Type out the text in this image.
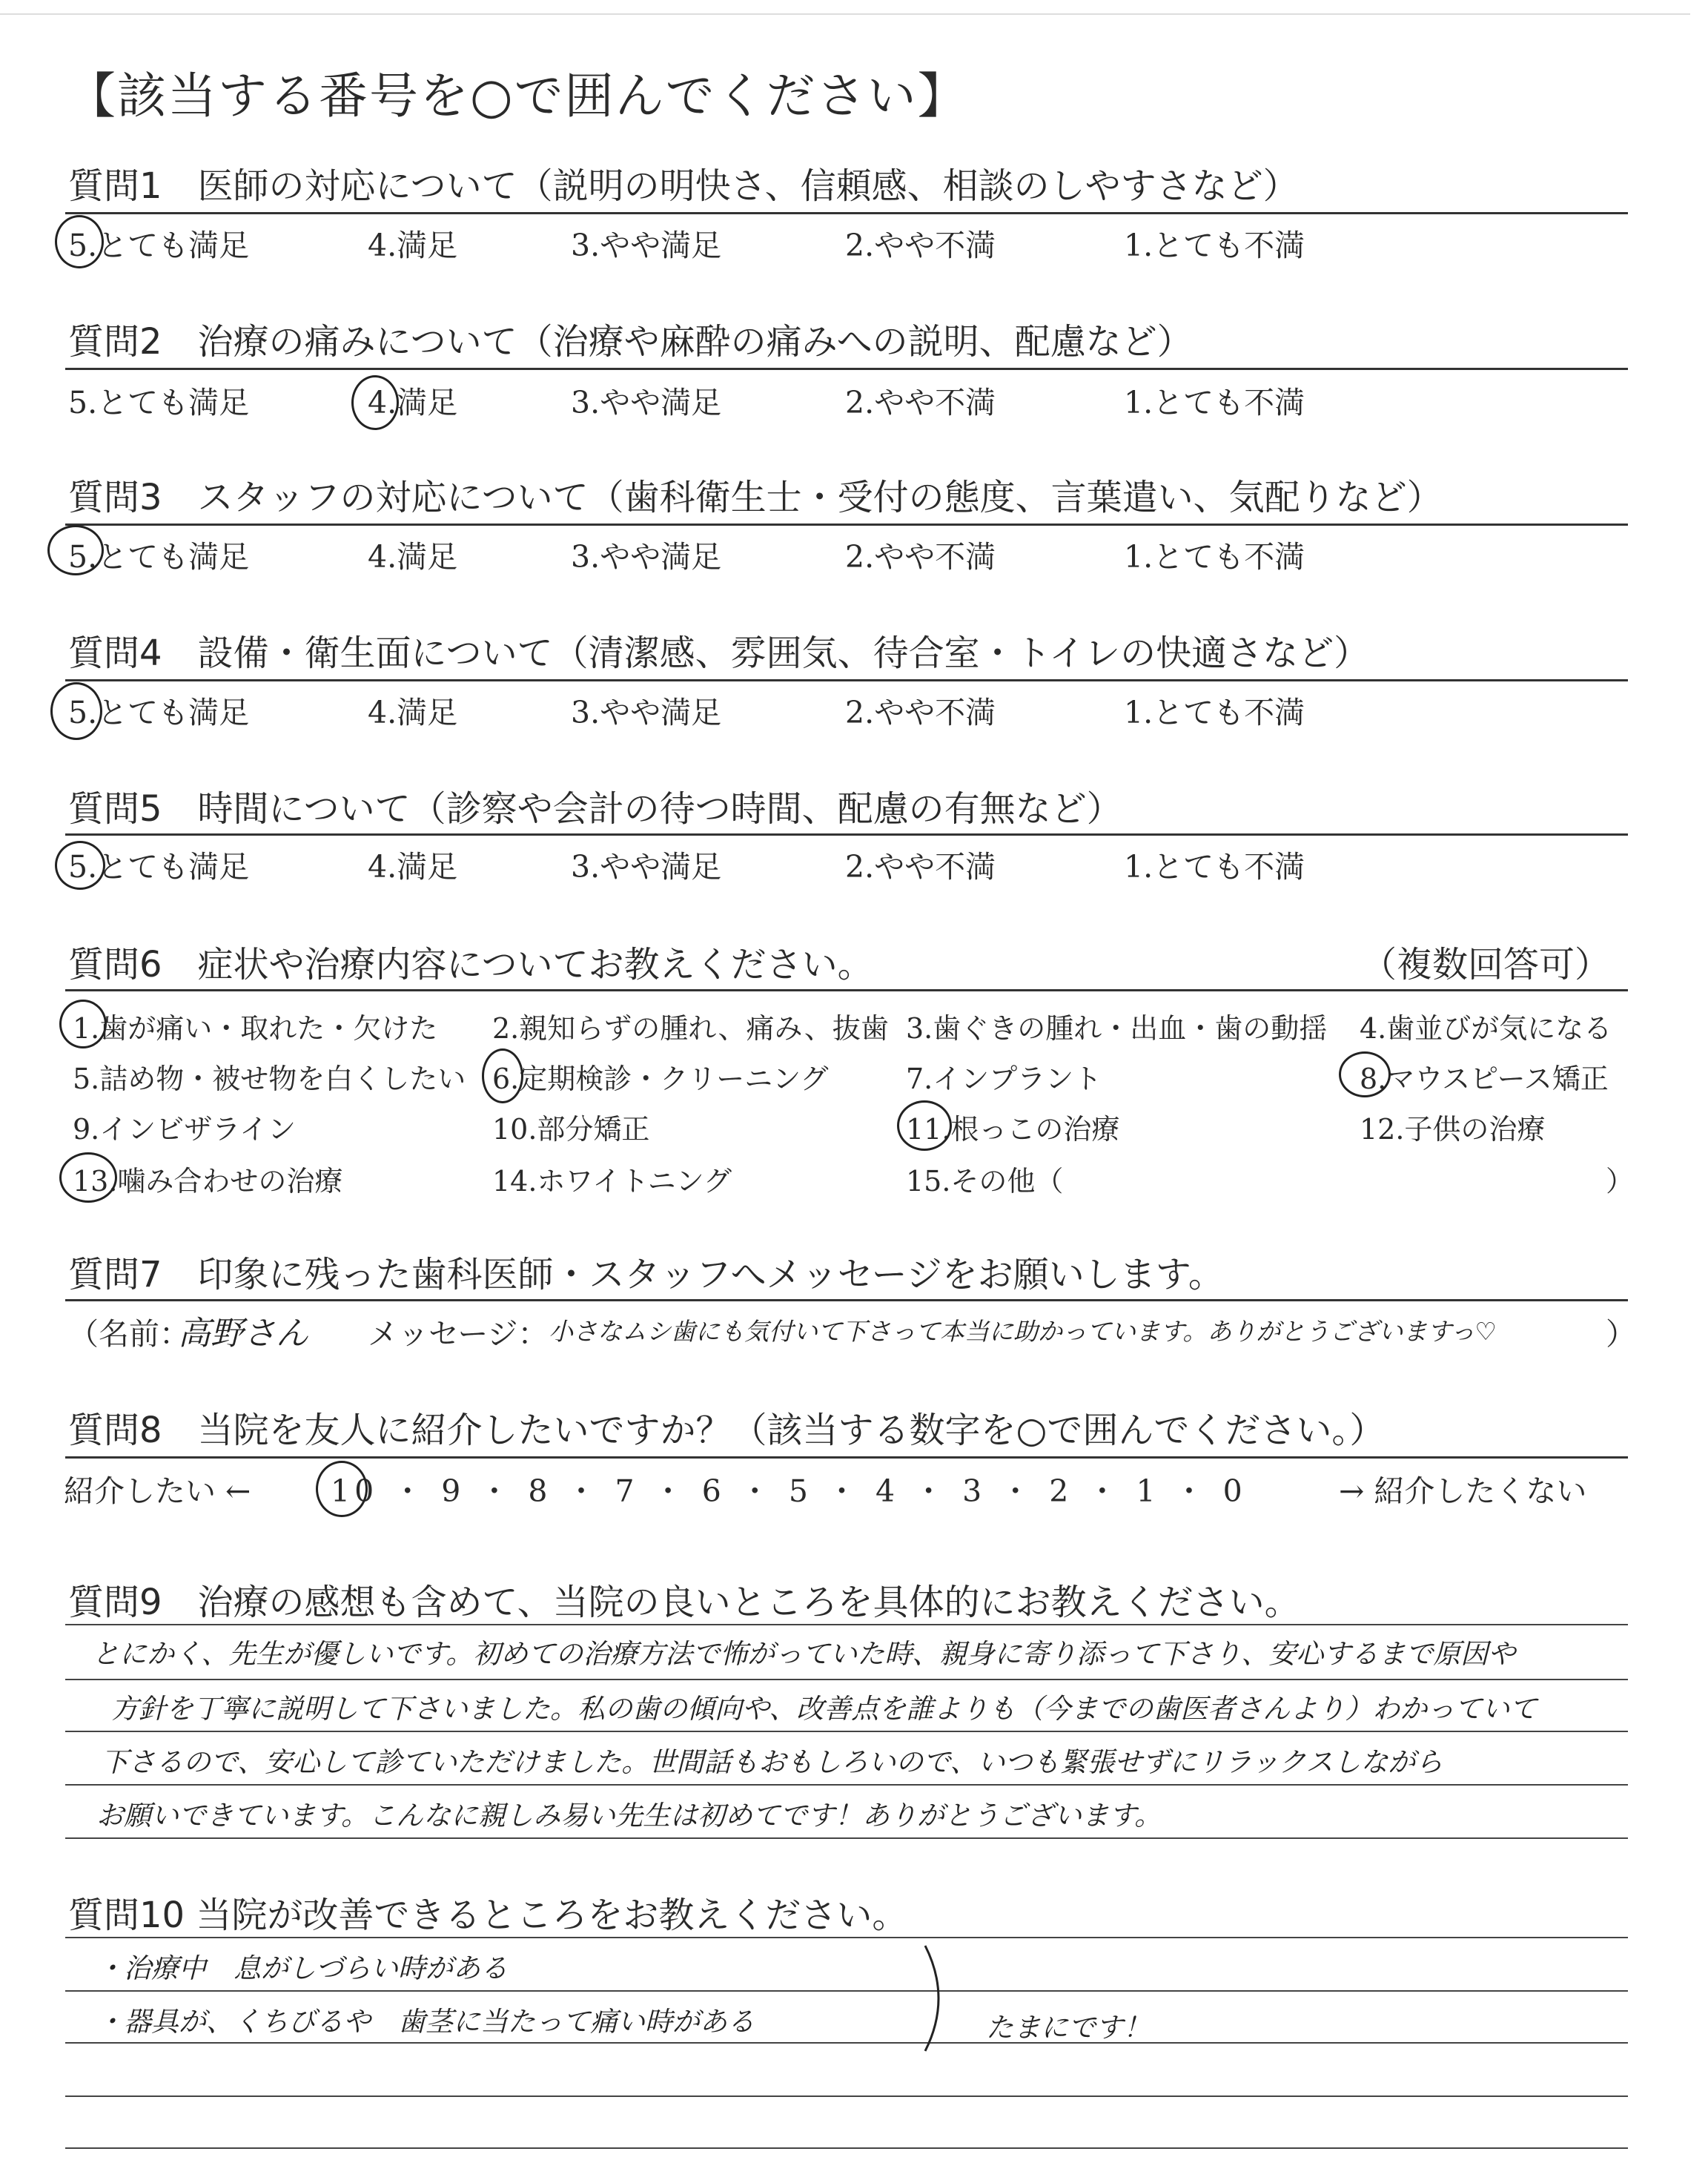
【該当する番号を○で囲んでください】
質問1　医師の対応について（説明の明快さ、信頼感、相談のしやすさなど）
5.とても満足	4.満足	3.やや満足	2.やや不満	1.とても不満
質問2　治療の痛みについて（治療や麻酔の痛みへの説明、配慮など）
5.とても満足	4.満足	3.やや満足	2.やや不満	1.とても不満
質問3　スタッフの対応について（歯科衛生士・受付の態度、言葉遣い、気配りなど）
5.とても満足	4.満足	3.やや満足	2.やや不満	1.とても不満
質問4　設備・衛生面について（清潔感、雰囲気、待合室・トイレの快適さなど）
5.とても満足	4.満足	3.やや満足	2.やや不満	1.とても不満
質問5　時間について（診察や会計の待つ時間、配慮の有無など）
5.とても満足	4.満足	3.やや満足	2.やや不満	1.とても不満
質問6　症状や治療内容についてお教えください。	（複数回答可）
1.歯が痛い・取れた・欠けた 2.親知らずの腫れ、痛み、抜歯 3.歯ぐきの腫れ・出血・歯の動揺 4.歯並びが気になる
5.詰め物・被せ物を白くしたい 6.定期検診・クリーニング	7.インプラント	8.マウスピース矯正
9.インビザライン	10.部分矯正	11.根っこの治療	12.子供の治療
13.噛み合わせの治療	14.ホワイトニング	15.その他（	）
質問7　印象に残った歯科医師・スタッフへメッセージをお願いします。
（名前：
高野さん メッセージ： 小さなムシ歯にも気付いて下さって本当に助かっています。ありがとうございますっ♡	）
質問8　当院を友人に紹介したいですか？（該当する数字を○で囲んでください。）
紹介したい ←	10 ・ 9 ・ 8 ・ 7 ・ 6 ・ 5 ・ 4 ・ 3 ・ 2 ・ 1 ・ 0	→ 紹介したくない
質問9　治療の感想も含めて、当院の良いところを具体的にお教えください。
とにかく、先生が優しいです。初めての治療方法で怖がっていた時、親身に寄り添って下さり、安心するまで原因や
方針を丁寧に説明して下さいました。私の歯の傾向や、改善点を誰よりも（今までの歯医者さんより）わかっていて
下さるので、安心して診ていただけました。世間話もおもしろいので、いつも緊張せずにリラックスしながら
お願いできています。こんなに親しみ易い先生は初めてです！ありがとうございます。
質問10 当院が改善できるところをお教えください。
・治療中　息がしづらい時がある
・器具が、くちびるや　歯茎に当たって痛い時がある	たまにです！
